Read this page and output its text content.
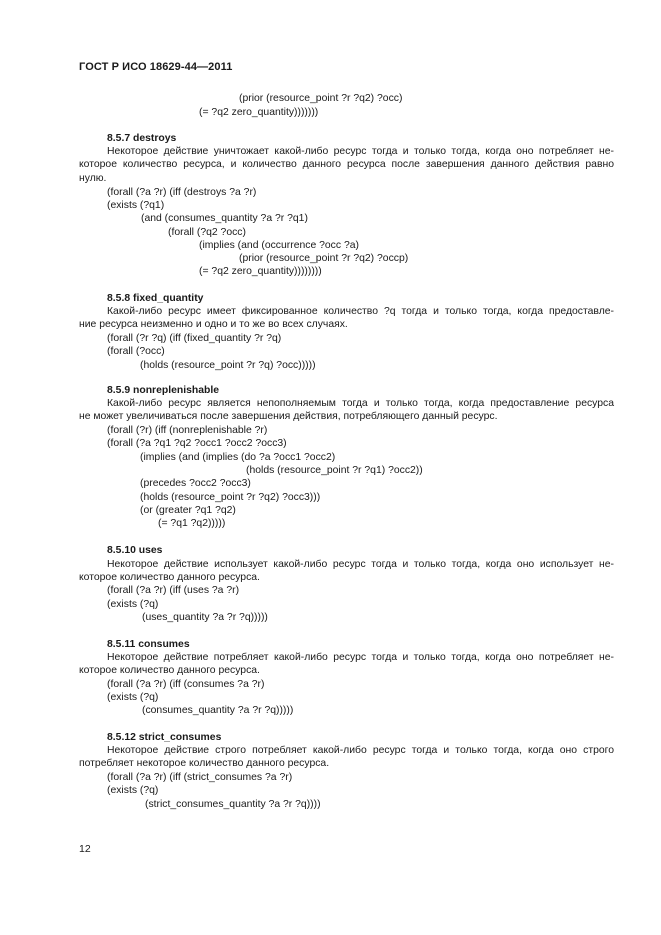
ГОСТ Р ИСО 18629-44—2011
(prior (resource_point ?r ?q2) ?occ)
(= ?q2 zero_quantity)))))))
8.5.7 destroys
Некоторое действие уничтожает какой-либо ресурс тогда и только тогда, когда оно потребляет не-
которое количество ресурса, и количество данного ресурса после завершения данного действия равно
нулю.
(forall (?a ?r) (iff (destroys ?a ?r)
(exists (?q1)
(and (consumes_quantity ?a ?r ?q1)
(forall (?q2 ?occ)
(implies (and (occurrence ?occ ?a)
(prior (resource_point ?r ?q2) ?occp)
(= ?q2 zero_quantity))))))))
8.5.8 fixed_quantity
Какой-либо ресурс имеет фиксированное количество ?q тогда и только тогда, когда предоставле-
ние ресурса неизменно и одно и то же во всех случаях.
(forall (?r ?q) (iff (fixed_quantity ?r ?q)
(forall (?occ)
(holds (resource_point ?r ?q) ?occ)))))
8.5.9 nonreplenishable
Какой-либо ресурс является непополняемым тогда и только тогда, когда предоставление ресурса
не может увеличиваться после завершения действия, потребляющего данный ресурс.
(forall (?r) (iff (nonreplenishable ?r)
(forall (?a ?q1 ?q2 ?occ1 ?occ2 ?occ3)
(implies (and (implies (do ?a ?occ1 ?occ2)
(holds (resource_point ?r ?q1) ?occ2))
(precedes ?occ2 ?occ3)
(holds (resource_point ?r ?q2) ?occ3)))
(or (greater ?q1 ?q2)
(= ?q1 ?q2)))))
8.5.10 uses
Некоторое действие использует какой-либо ресурс тогда и только тогда, когда оно использует не-
которое количество данного ресурса.
(forall (?a ?r) (iff (uses ?a ?r)
(exists (?q)
(uses_quantity ?a ?r ?q)))))
8.5.11 consumes
Некоторое действие потребляет какой-либо ресурс тогда и только тогда, когда оно потребляет не-
которое количество данного ресурса.
(forall (?a ?r) (iff (consumes ?a ?r)
(exists (?q)
(consumes_quantity ?a ?r ?q)))))
8.5.12 strict_consumes
Некоторое действие строго потребляет какой-либо ресурс тогда и только тогда, когда оно строго
потребляет некоторое количество данного ресурса.
(forall (?a ?r) (iff (strict_consumes ?a ?r)
(exists (?q)
(strict_consumes_quantity ?a ?r ?q))))
12
